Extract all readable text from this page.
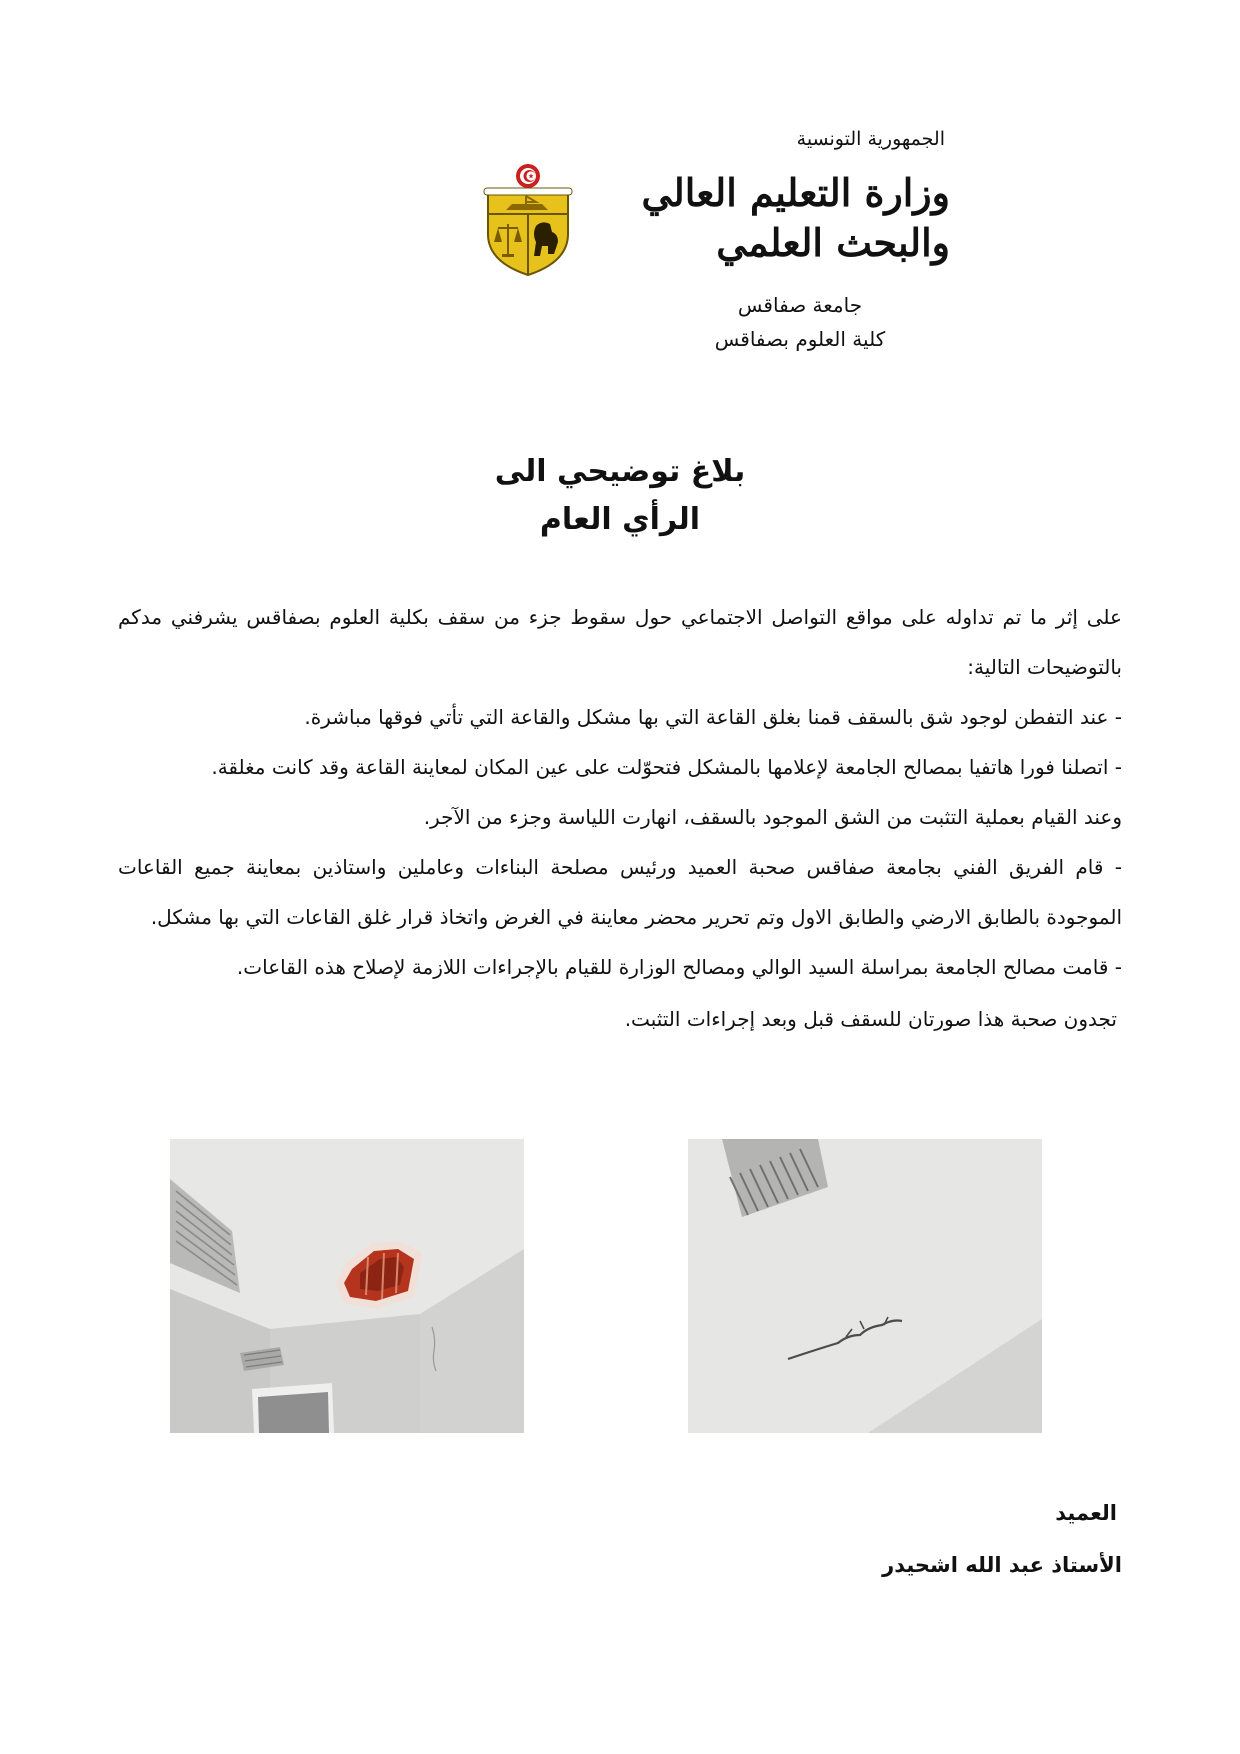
الجمهورية التونسية
وزارة التعليم العالي
والبحث العلمي
جامعة صفاقس
كلية العلوم بصفاقس
بلاغ توضيحي الى
الرأي العام

على إثر ما تم تداوله على مواقع التواصل الاجتماعي حول سقوط جزء من سقف بكلية العلوم بصفاقس يشرفني مدكم بالتوضيحات التالية:

- عند التفطن لوجود شق بالسقف قمنا بغلق القاعة التي بها مشكل والقاعة التي تأتي فوقها مباشرة.

- اتصلنا فورا هاتفيا بمصالح الجامعة لإعلامها بالمشكل فتحوّلت على عين المكان لمعاينة القاعة وقد كانت مغلقة.

وعند القيام بعملية التثبت من الشق الموجود بالسقف، انهارت اللياسة وجزء من الآجر.

- قام الفريق الفني بجامعة صفاقس صحبة العميد ورئيس مصلحة البناءات وعاملين واستاذين بمعاينة جميع القاعات الموجودة بالطابق الارضي والطابق الاول وتم تحرير محضر معاينة في الغرض واتخاذ قرار غلق القاعات التي بها مشكل.

- قامت مصالح الجامعة بمراسلة السيد الوالي ومصالح الوزارة للقيام بالإجراءات اللازمة لإصلاح هذه القاعات.

تجدون صحبة هذا صورتان للسقف قبل وبعد إجراءات التثبت.

العميد
الأستاذ عبد الله اشحيدر
